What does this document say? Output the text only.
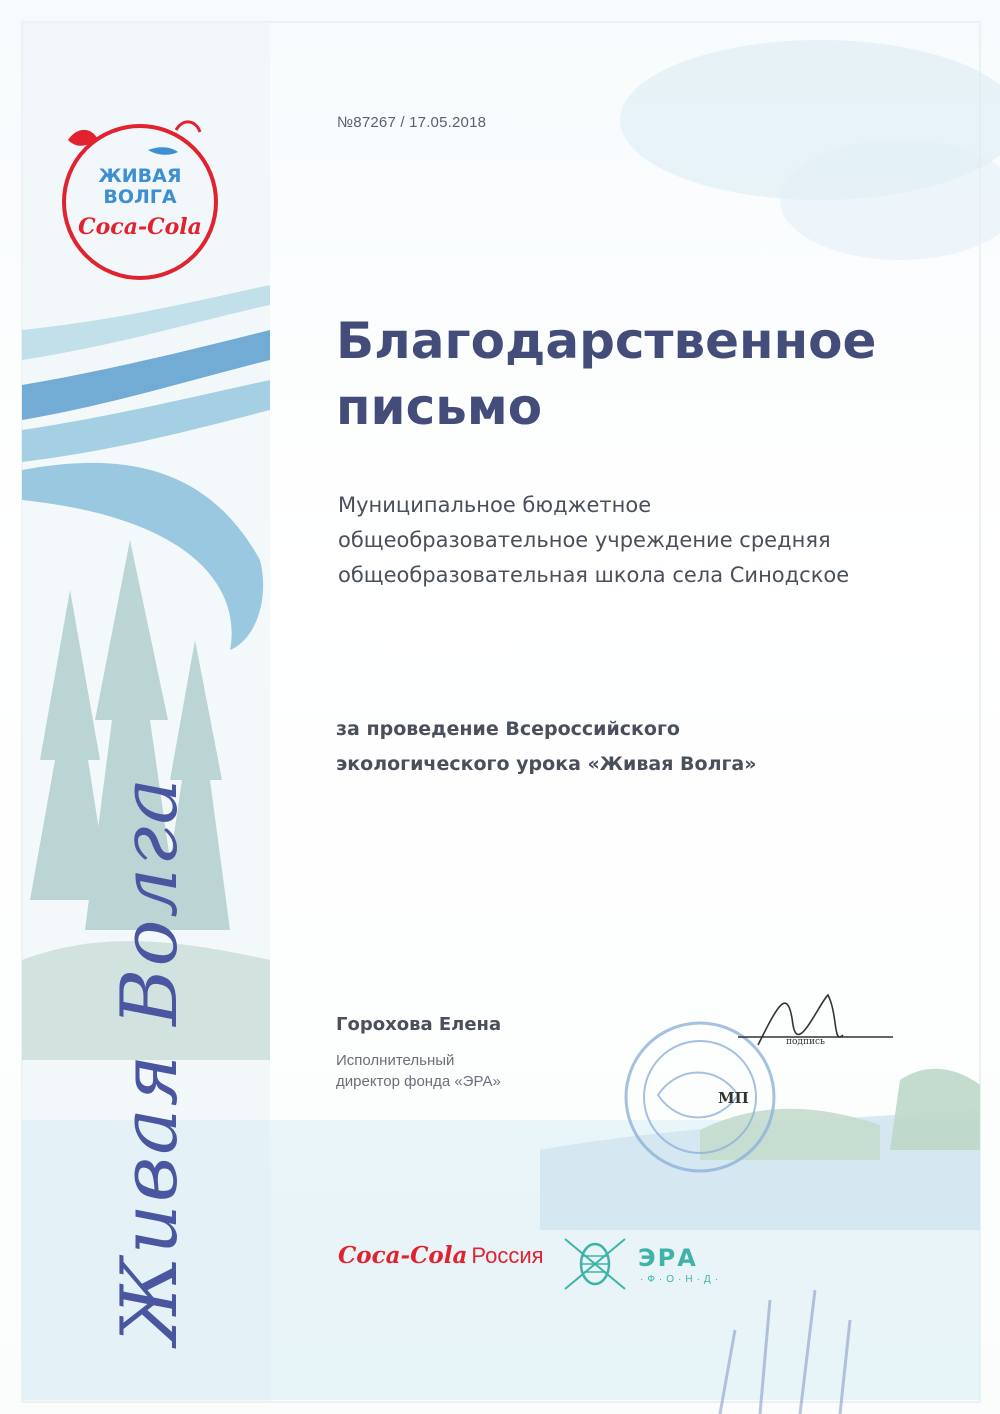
ЖИВАЯ
ВОЛГА
Coca-Cola
Живая Волга
№87267 / 17.05.2018
Благодарственное
письмо
Муниципальное бюджетное
общеобразовательное учреждение средняя
общеобразовательная школа села Синодское
за проведение Всероссийского
экологического урока «Живая Волга»
Горохова Елена
Исполнительный
директор фонда «ЭРА»
МП
подпись
Coca-Cola Россия	ЭРА
·Ф·О·Н·Д·
